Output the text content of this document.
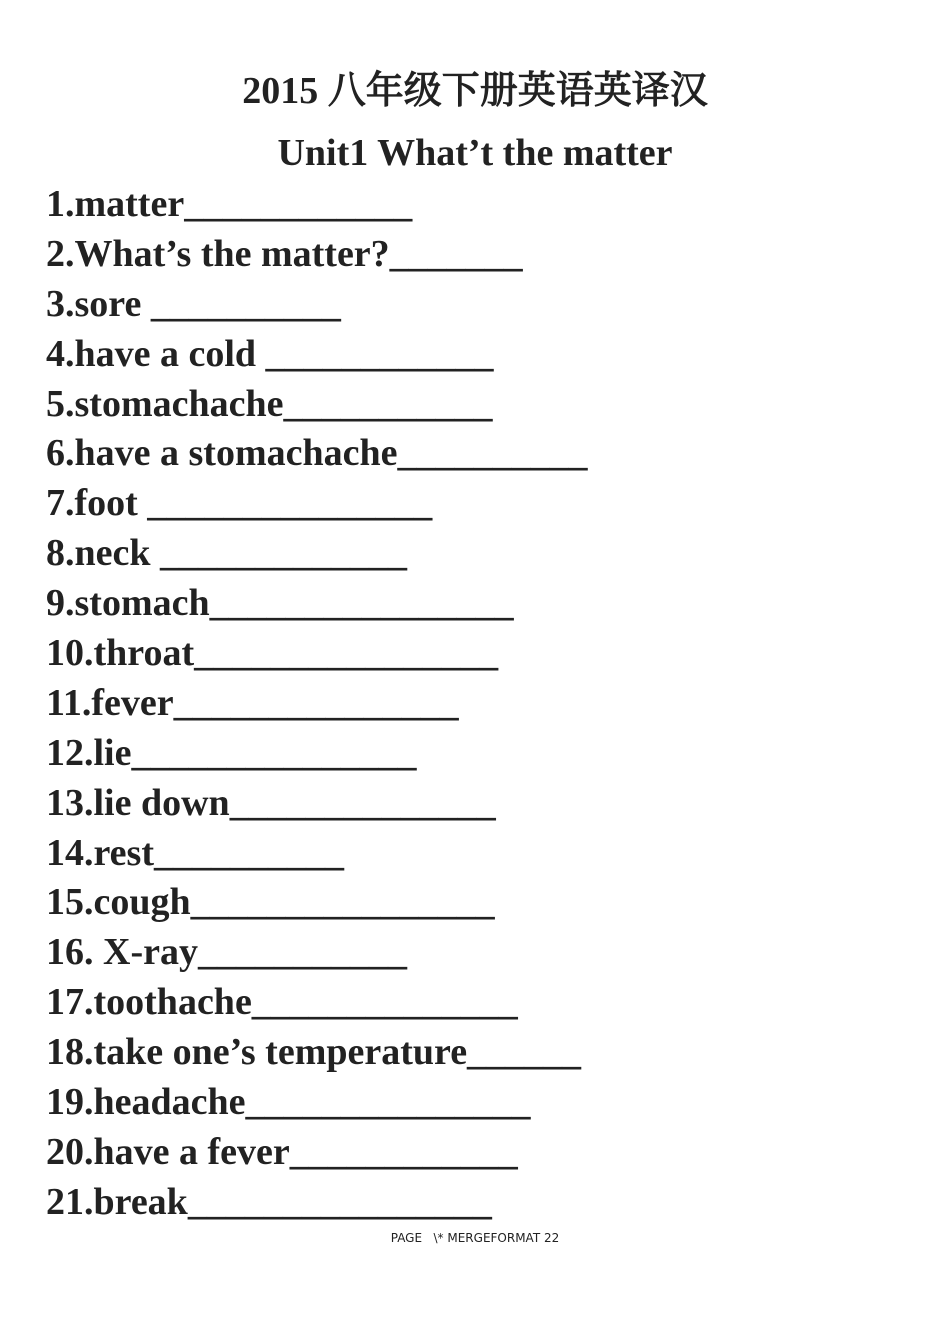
2015 八年级下册英语英译汉
Unit1 What’t the matter
1.matter____________
2.What’s the matter?_______
3.sore __________
4.have a cold ____________
5.stomachache___________
6.have a stomachache__________
7.foot _______________
8.neck _____________
9.stomach________________
10.throat________________
11.fever_______________
12.lie_______________
13.lie down______________
14.rest__________
15.cough________________
16. X-ray___________
17.toothache______________
18.take one’s temperature______
19.headache_______________
20.have a fever____________
21.break________________
PAGE   \* MERGEFORMAT 22
